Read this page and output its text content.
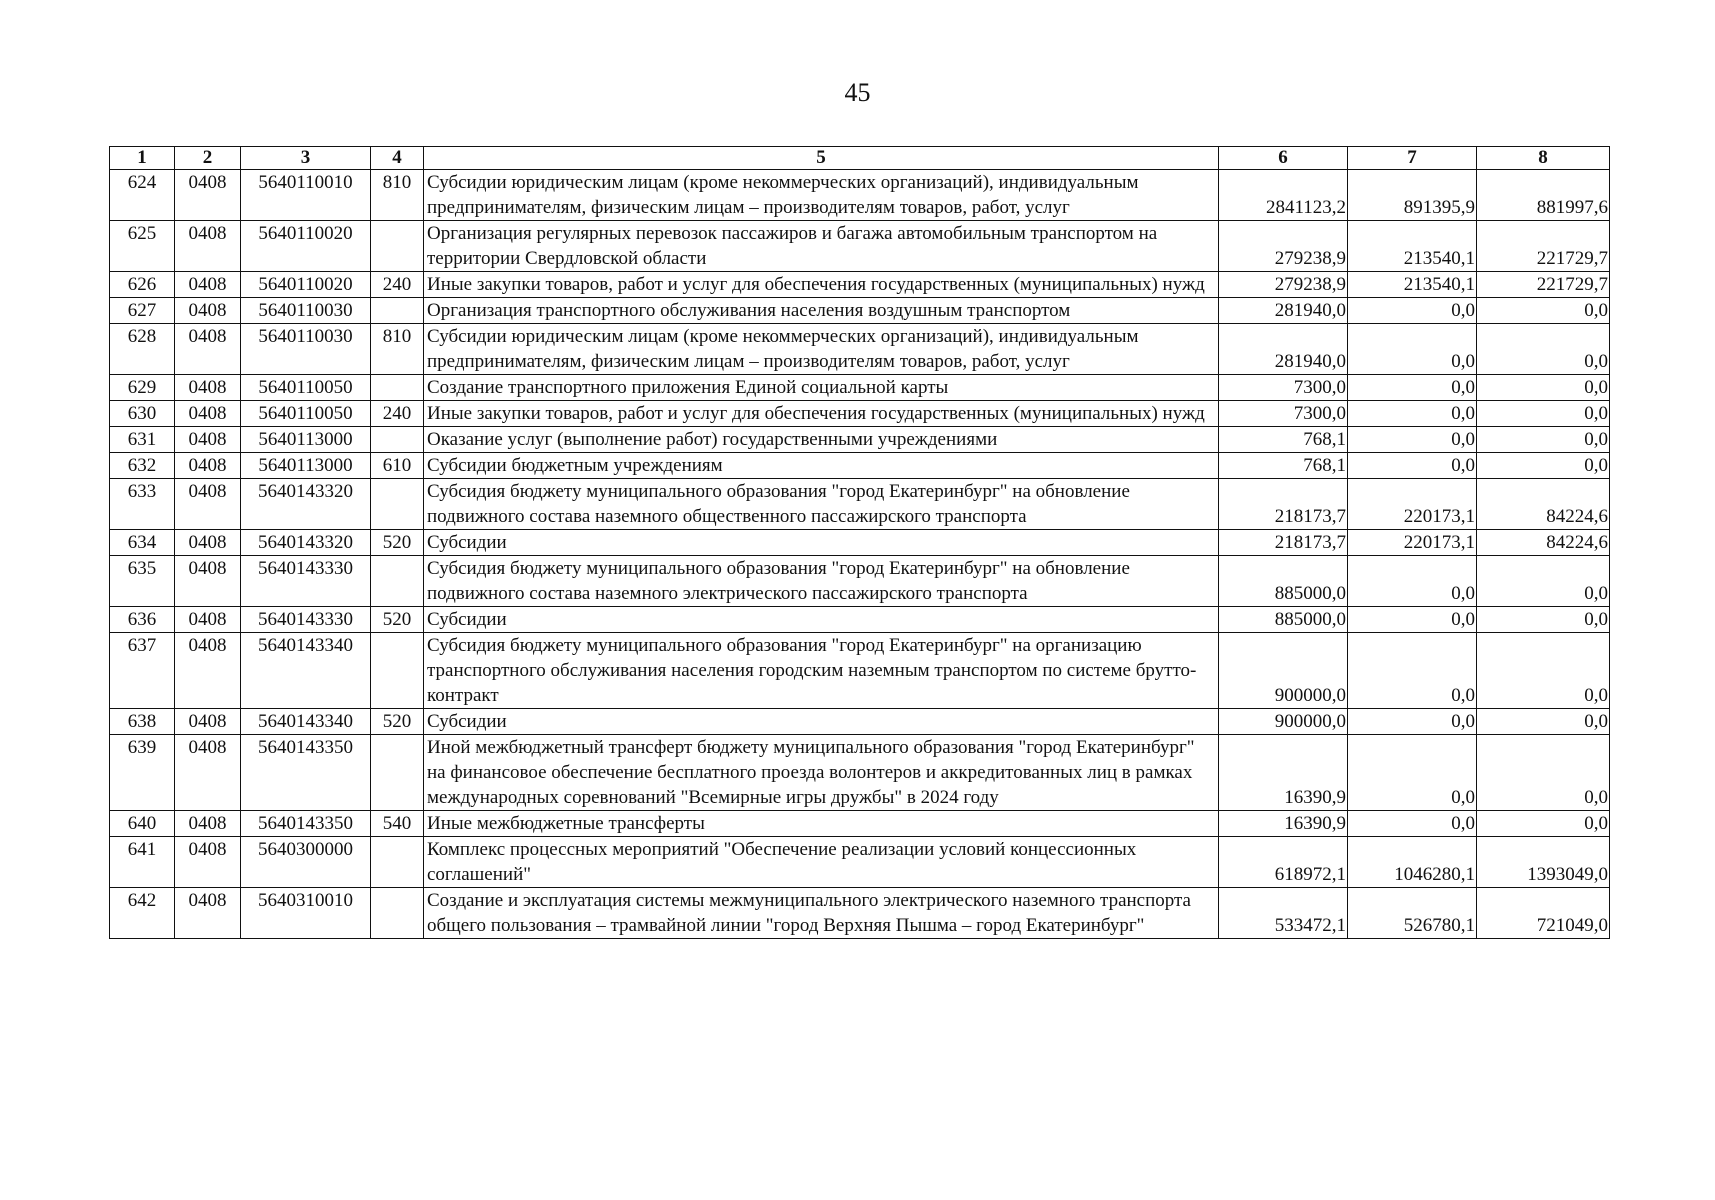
45
1	2	3	4	5	6	7	8
624	0408	5640110010	810	Субсидии юридическим лицам (кроме некоммерческих организаций), индивидуальным предпринимателям, физическим лицам – производителям товаров, работ, услуг	2841123,2	891395,9	881997,6
625	0408	5640110020		Организация регулярных перевозок пассажиров и багажа автомобильным транспортом на территории Свердловской области	279238,9	213540,1	221729,7
626	0408	5640110020	240	Иные закупки товаров, работ и услуг для обеспечения государственных (муниципальных) нужд	279238,9	213540,1	221729,7
627	0408	5640110030		Организация транспортного обслуживания населения воздушным транспортом	281940,0	0,0	0,0
628	0408	5640110030	810	Субсидии юридическим лицам (кроме некоммерческих организаций), индивидуальным предпринимателям, физическим лицам – производителям товаров, работ, услуг	281940,0	0,0	0,0
629	0408	5640110050		Создание транспортного приложения Единой социальной карты	7300,0	0,0	0,0
630	0408	5640110050	240	Иные закупки товаров, работ и услуг для обеспечения государственных (муниципальных) нужд	7300,0	0,0	0,0
631	0408	5640113000		Оказание услуг (выполнение работ) государственными учреждениями	768,1	0,0	0,0
632	0408	5640113000	610	Субсидии бюджетным учреждениям	768,1	0,0	0,0
633	0408	5640143320		Субсидия бюджету муниципального образования "город Екатеринбург" на обновление подвижного состава наземного общественного пассажирского транспорта	218173,7	220173,1	84224,6
634	0408	5640143320	520	Субсидии	218173,7	220173,1	84224,6
635	0408	5640143330		Субсидия бюджету муниципального образования "город Екатеринбург" на обновление подвижного состава наземного электрического пассажирского транспорта	885000,0	0,0	0,0
636	0408	5640143330	520	Субсидии	885000,0	0,0	0,0
637	0408	5640143340		Субсидия бюджету муниципального образования "город Екатеринбург" на организацию транспортного обслуживания населения городским наземным транспортом по системе брутто-контракт	900000,0	0,0	0,0
638	0408	5640143340	520	Субсидии	900000,0	0,0	0,0
639	0408	5640143350		Иной межбюджетный трансферт бюджету муниципального образования "город Екатеринбург" на финансовое обеспечение бесплатного проезда волонтеров и аккредитованных лиц в рамках международных соревнований "Всемирные игры дружбы" в 2024 году	16390,9	0,0	0,0
640	0408	5640143350	540	Иные межбюджетные трансферты	16390,9	0,0	0,0
641	0408	5640300000		Комплекс процессных мероприятий "Обеспечение реализации условий концессионных соглашений"	618972,1	1046280,1	1393049,0
642	0408	5640310010		Создание и эксплуатация системы межмуниципального электрического наземного транспорта общего пользования – трамвайной линии "город Верхняя Пышма – город Екатеринбург"	533472,1	526780,1	721049,0
